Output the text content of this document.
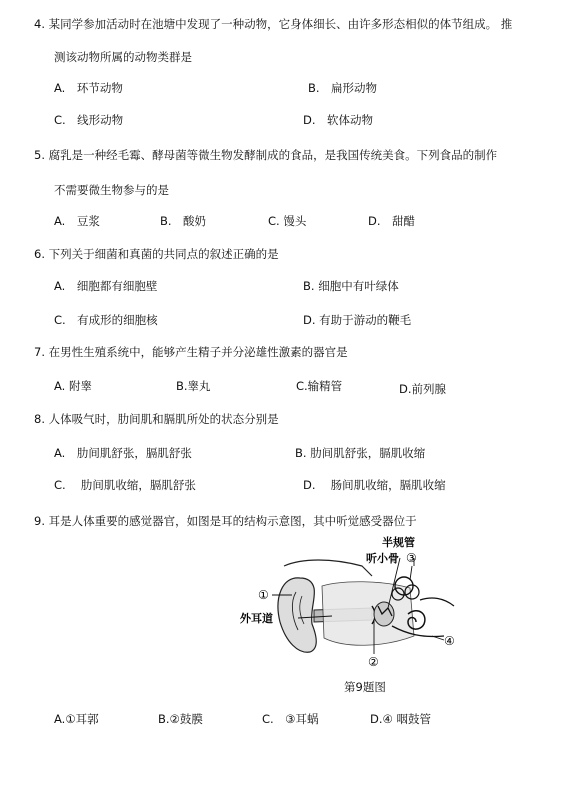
4. 某同学参加活动时在池塘中发现了一种动物，它身体细长、由许多形态相似的体节组成。 推
测该动物所属的动物类群是
A.　环节动物	B.　扁形动物
C.　线形动物	D.　软体动物
5. 腐乳是一种经毛霉、酵母菌等微生物发酵制成的食品，是我国传统美食。下列食品的制作
不需要微生物参与的是
A.　豆浆	B.　酸奶	C. 馒头	D.　甜醋
6. 下列关于细菌和真菌的共同点的叙述正确的是
A.　细胞都有细胞壁	B. 细胞中有叶绿体
C.　有成形的细胞核	D. 有助于游动的鞭毛
7. 在男性生殖系统中，能够产生精子并分泌雄性激素的器官是
A. 附睾	B.睾丸	C.输精管	D.前列腺
8. 人体吸气时，肋间肌和膈肌所处的状态分别是
A.　肋间肌舒张，膈肌舒张	B. 肋间肌舒张，膈肌收缩
C.　 肋间肌收缩，膈肌舒张	D.　 肠间肌收缩，膈肌收缩
9. 耳是人体重要的感觉器官，如图是耳的结构示意图，其中听觉感受器位于
半规管
听小骨 ③
①
外耳道
②
④
第9题图
A.①耳郭	B.②鼓膜	C.　③耳蜗	D.④ 咽鼓管
